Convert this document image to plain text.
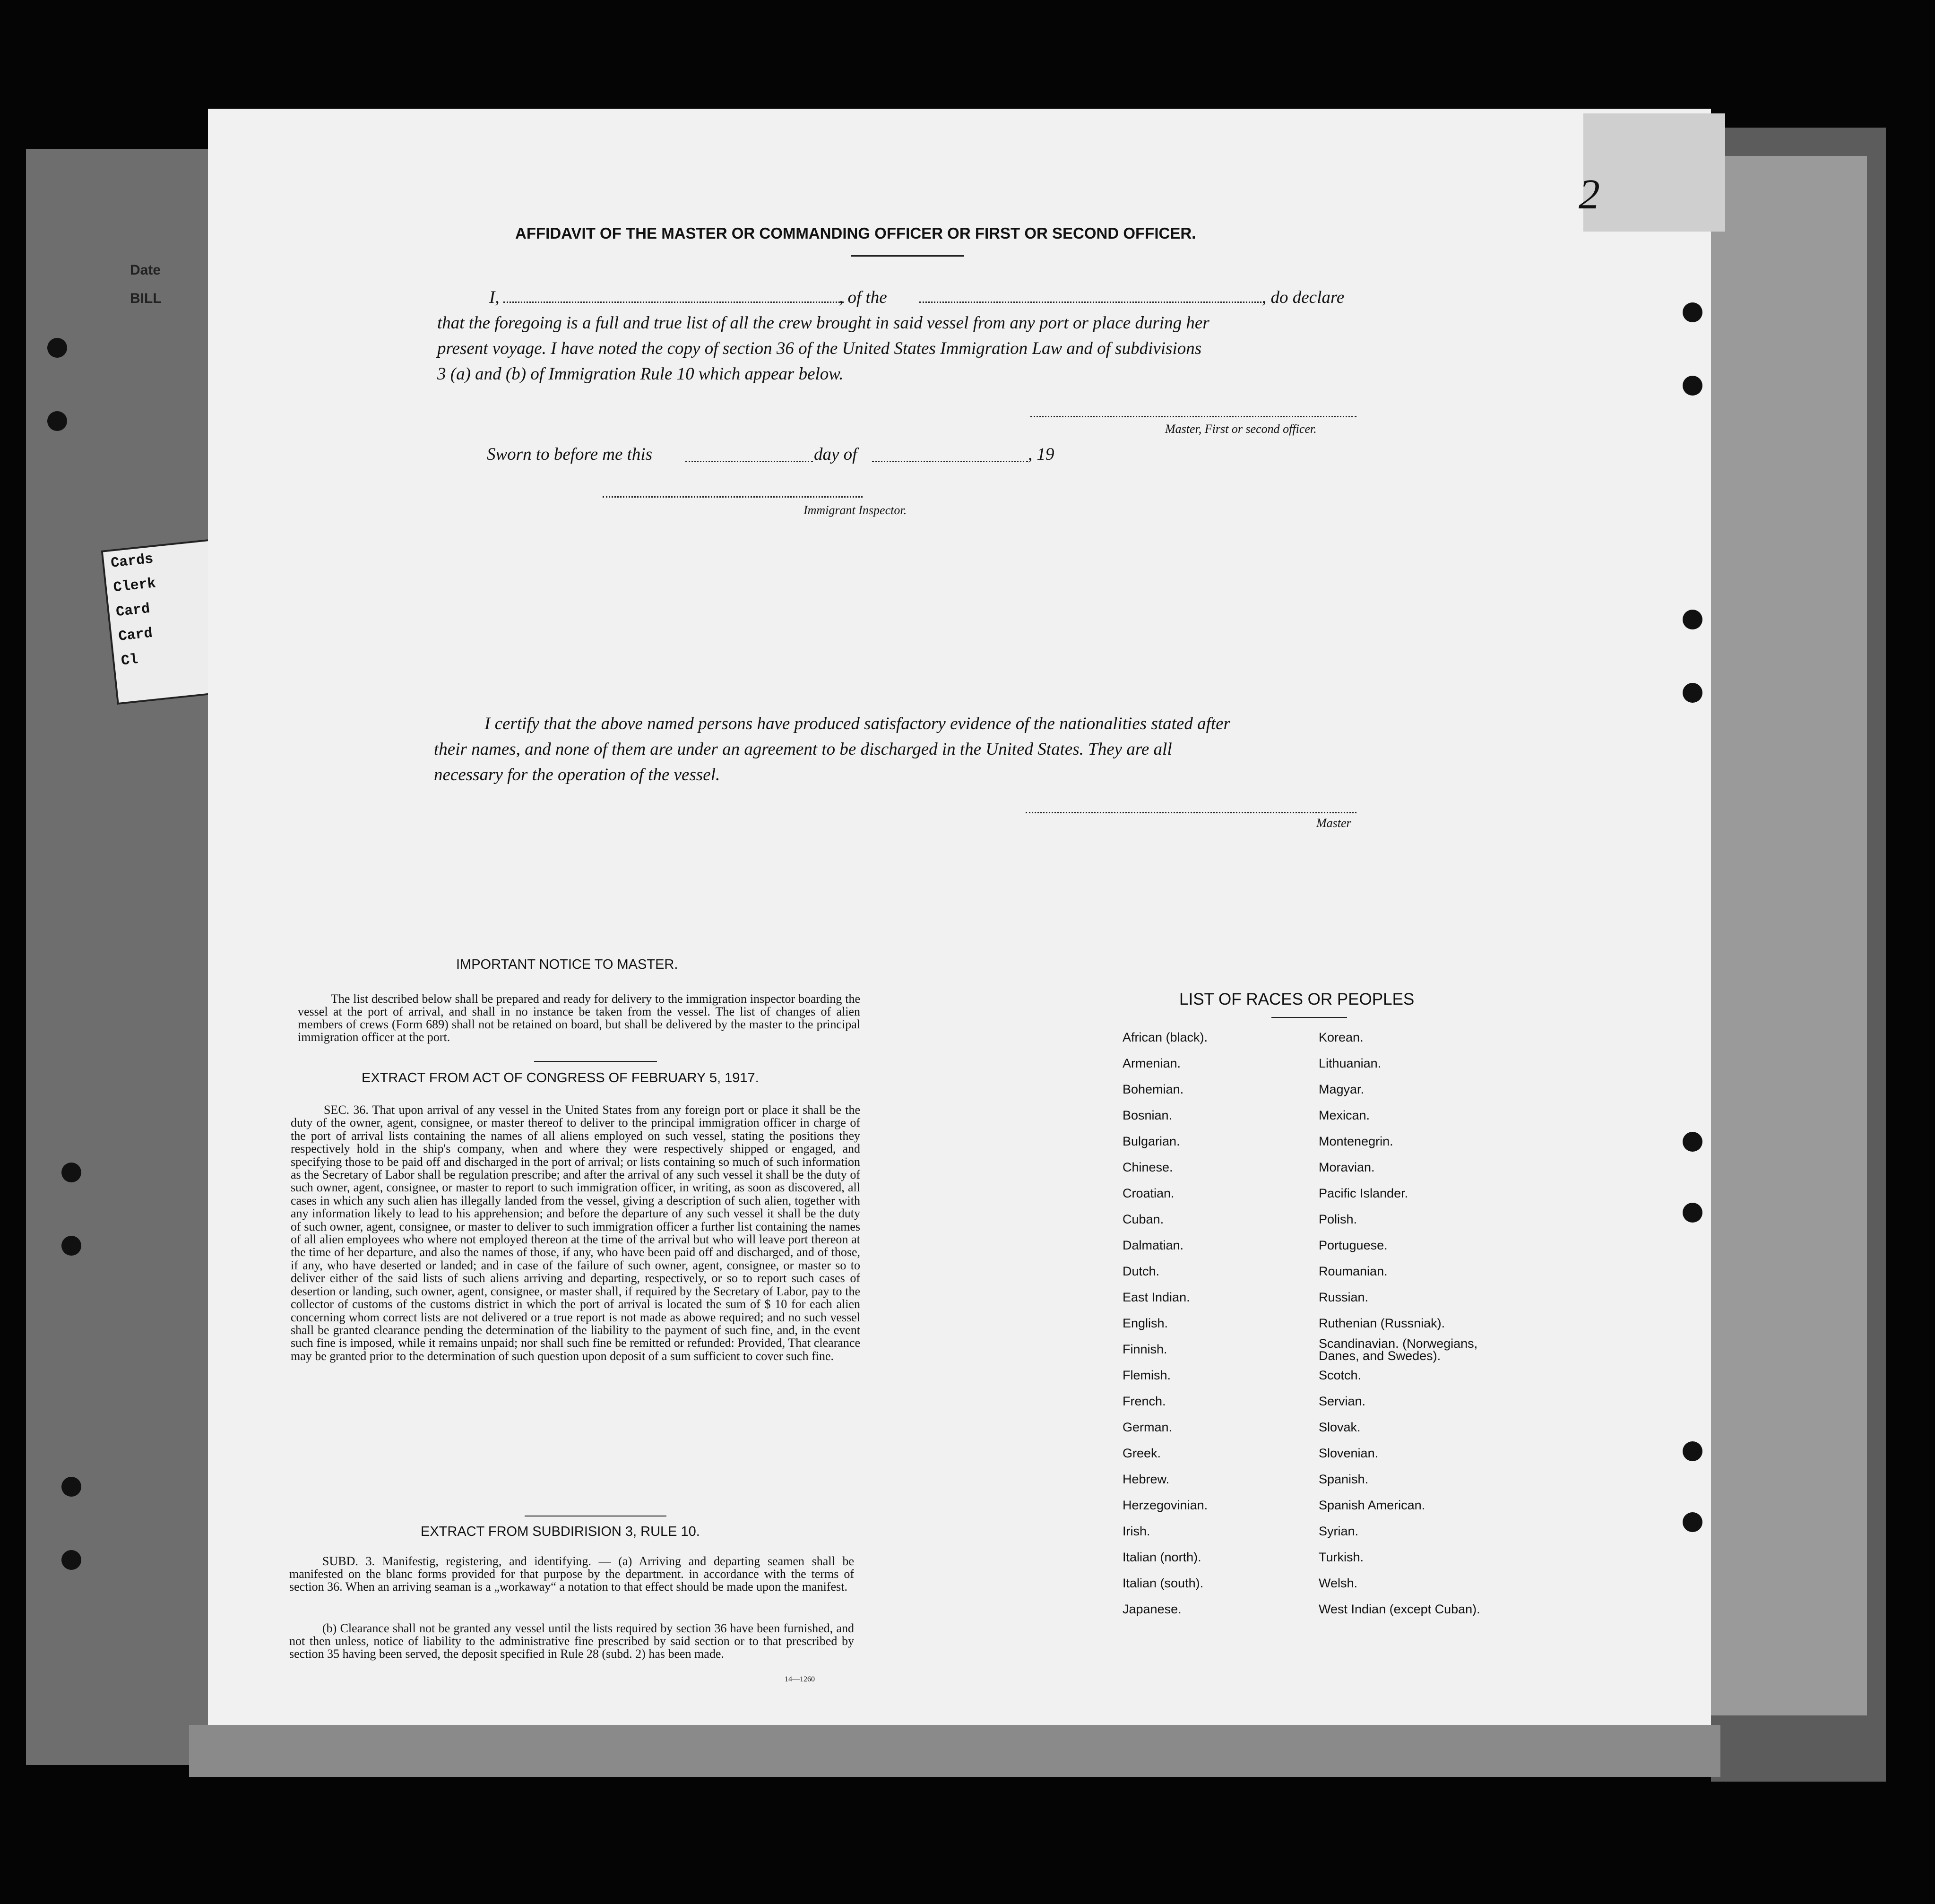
Date
BILL
Cards
Clerk
Card
Card
Cl
2
AFFIDAVIT OF THE MASTER OR COMMANDING OFFICER OR FIRST OR SECOND OFFICER.
I,	, of the	, do declare
that the foregoing is a full and true list of all the crew brought in said vessel from any port or place during her
present voyage. I have noted the copy of section 36 of the United States Immigration Law and of subdivisions
3 (a) and (b) of Immigration Rule 10 which appear below.
Master, First or second officer.
Sworn to before me this	day of	, 19
Immigrant Inspector.
I certify that the above named persons have produced satisfactory evidence of the nationalities stated after
their names, and none of them are under an agreement to be discharged in the United States. They are all
necessary for the operation of the vessel.
Master
IMPORTANT NOTICE TO MASTER.
The list described below shall be prepared and ready for delivery to the immigration inspector boarding the vessel at the port of arrival, and shall in no instance be taken from the vessel. The list of changes of alien members of crews (Form 689) shall not be retained on board, but shall be delivered by the master to the principal immigration officer at the port.
EXTRACT FROM ACT OF CONGRESS OF FEBRUARY 5, 1917.
SEC. 36. That upon arrival of any vessel in the United States from any foreign port or place it shall be the duty of the owner, agent, consignee, or master thereof to deliver to the principal immigration officer in charge of the port of arrival lists containing the names of all aliens employed on such vessel, stating the positions they respectively hold in the ship's company, when and where they were respectively shipped or engaged, and specifying those to be paid off and discharged in the port of arrival; or lists containing so much of such information as the Secretary of Labor shall be regulation prescribe; and after the arrival of any such vessel it shall be the duty of such owner, agent, consignee, or master to report to such immigration officer, in writing, as soon as discovered, all cases in which any such alien has illegally landed from the vessel, giving a description of such alien, together with any information likely to lead to his apprehension; and before the departure of any such vessel it shall be the duty of such owner, agent, consignee, or master to deliver to such immigration officer a further list containing the names of all alien employees who where not employed thereon at the time of the arrival but who will leave port thereon at the time of her departure, and also the names of those, if any, who have been paid off and discharged, and of those, if any, who have deserted or landed; and in case of the failure of such owner, agent, consignee, or master so to deliver either of the said lists of such aliens arriving and departing, respectively, or so to report such cases of desertion or landing, such owner, agent, consignee, or master shall, if required by the Secretary of Labor, pay to the collector of customs of the customs district in which the port of arrival is located the sum of $ 10 for each alien concerning whom correct lists are not delivered or a true report is not made as abowe required; and no such vessel shall be granted clearance pending the determination of the liability to the payment of such fine, and, in the event such fine is imposed, while it remains unpaid; nor shall such fine be remitted or refunded: Provided, That clearance may be granted prior to the determination of such question upon deposit of a sum sufficient to cover such fine.
EXTRACT FROM SUBDIRISION 3, RULE 10.
SUBD. 3. Manifestig, registering, and identifying. — (a) Arriving and departing seamen shall be manifested on the blanc forms provided for that purpose by the department. in accordance with the terms of section 36. When an arriving seaman is a „workaway“ a notation to that effect should be made upon the manifest.
(b) Clearance shall not be granted any vessel until the lists required by section 36 have been furnished, and not then unless, notice of liability to the administrative fine prescribed by said section or to that prescribed by section 35 having been served, the deposit specified in Rule 28 (subd. 2) has been made.
14—1260
LIST OF RACES OR PEOPLES
African (black).
Armenian.
Bohemian.
Bosnian.
Bulgarian.
Chinese.
Croatian.
Cuban.
Dalmatian.
Dutch.
East Indian.
English.
Finnish.
Flemish.
French.
German.
Greek.
Hebrew.
Herzegovinian.
Irish.
Italian (north).
Italian (south).
Japanese.
Korean.
Lithuanian.
Magyar.
Mexican.
Montenegrin.
Moravian.
Pacific Islander.
Polish.
Portuguese.
Roumanian.
Russian.
Ruthenian (Russniak).
Scandinavian. (Norwegians, Danes, and Swedes).
Scotch.
Servian.
Slovak.
Slovenian.
Spanish.
Spanish American.
Syrian.
Turkish.
Welsh.
West Indian (except Cuban).
